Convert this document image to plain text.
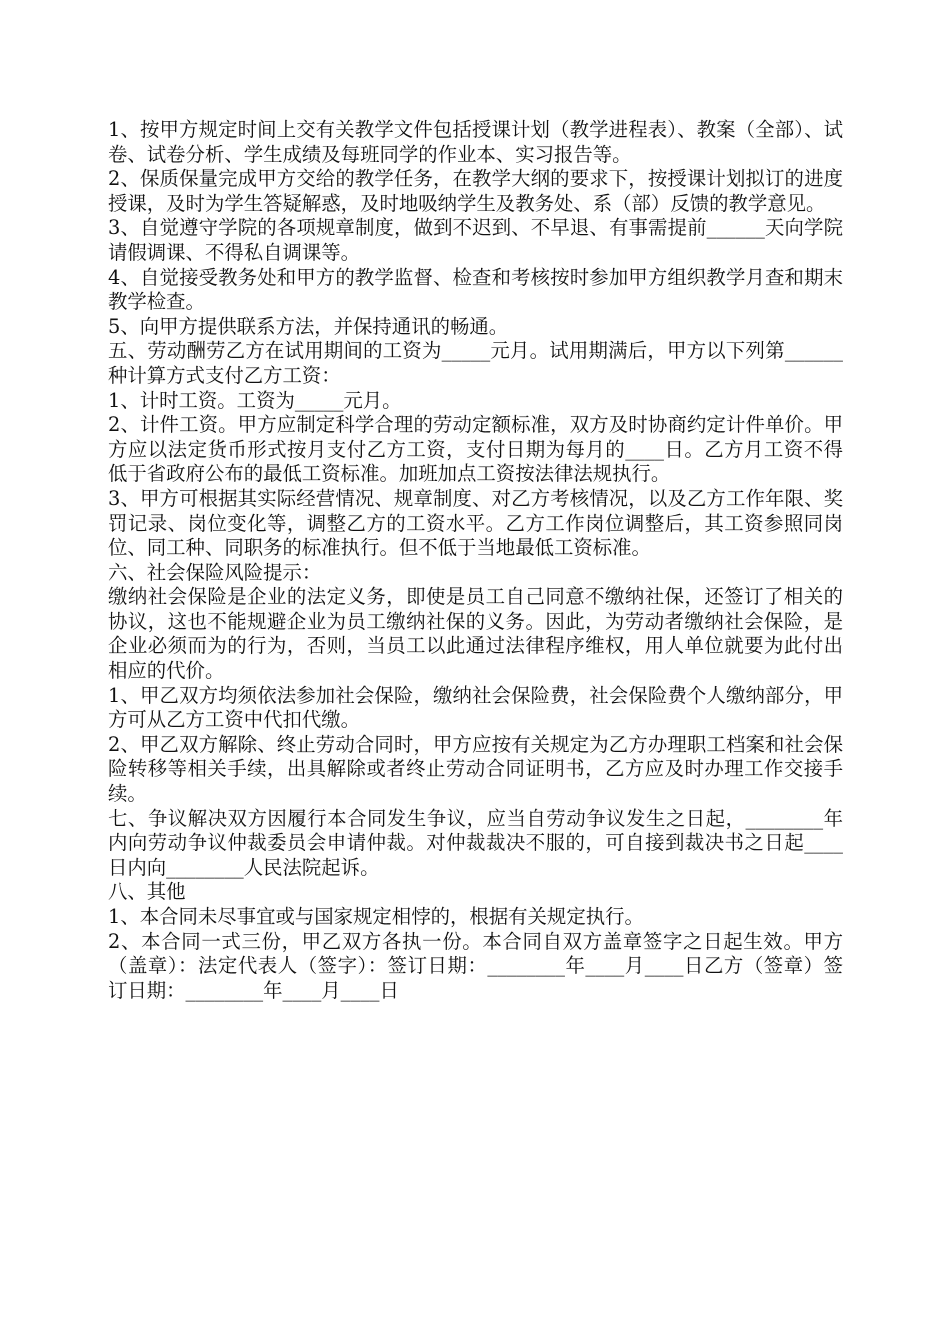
1、按甲方规定时间上交有关教学文件包括授课计划（教学进程表）、教案（全部）、试卷、试卷分析、学生成绩及每班同学的作业本、实习报告等。

2、保质保量完成甲方交给的教学任务，在教学大纲的要求下，按授课计划拟订的进度授课，及时为学生答疑解惑，及时地吸纳学生及教务处、系（部）反馈的教学意见。

3、自觉遵守学院的各项规章制度，做到不迟到、不早退、有事需提前______天向学院请假调课、不得私自调课等。

4、自觉接受教务处和甲方的教学监督、检查和考核按时参加甲方组织教学月查和期末教学检查。

5、向甲方提供联系方法，并保持通讯的畅通。

五、劳动酬劳乙方在试用期间的工资为_____元月。试用期满后，甲方以下列第______种计算方式支付乙方工资：

1、计时工资。工资为_____元月。

2、计件工资。甲方应制定科学合理的劳动定额标准，双方及时协商约定计件单价。甲方应以法定货币形式按月支付乙方工资，支付日期为每月的____日。乙方月工资不得低于省政府公布的最低工资标准。加班加点工资按法律法规执行。

3、甲方可根据其实际经营情况、规章制度、对乙方考核情况，以及乙方工作年限、奖罚记录、岗位变化等，调整乙方的工资水平。乙方工作岗位调整后，其工资参照同岗位、同工种、同职务的标准执行。但不低于当地最低工资标准。

六、社会保险风险提示：

缴纳社会保险是企业的法定义务，即使是员工自己同意不缴纳社保，还签订了相关的协议，这也不能规避企业为员工缴纳社保的义务。因此，为劳动者缴纳社会保险，是企业必须而为的行为，否则，当员工以此通过法律程序维权，用人单位就要为此付出相应的代价。

1、甲乙双方均须依法参加社会保险，缴纳社会保险费，社会保险费个人缴纳部分，甲方可从乙方工资中代扣代缴。

2、甲乙双方解除、终止劳动合同时，甲方应按有关规定为乙方办理职工档案和社会保险转移等相关手续，出具解除或者终止劳动合同证明书，乙方应及时办理工作交接手续。

七、争议解决双方因履行本合同发生争议，应当自劳动争议发生之日起，________年内向劳动争议仲裁委员会申请仲裁。对仲裁裁决不服的，可自接到裁决书之日起____日内向________人民法院起诉。

八、其他

1、本合同未尽事宜或与国家规定相悖的，根据有关规定执行。

2、本合同一式三份，甲乙双方各执一份。本合同自双方盖章签字之日起生效。甲方（盖章）：法定代表人（签字）：签订日期：________年____月____日乙方（签章）签订日期：________年____月____日
